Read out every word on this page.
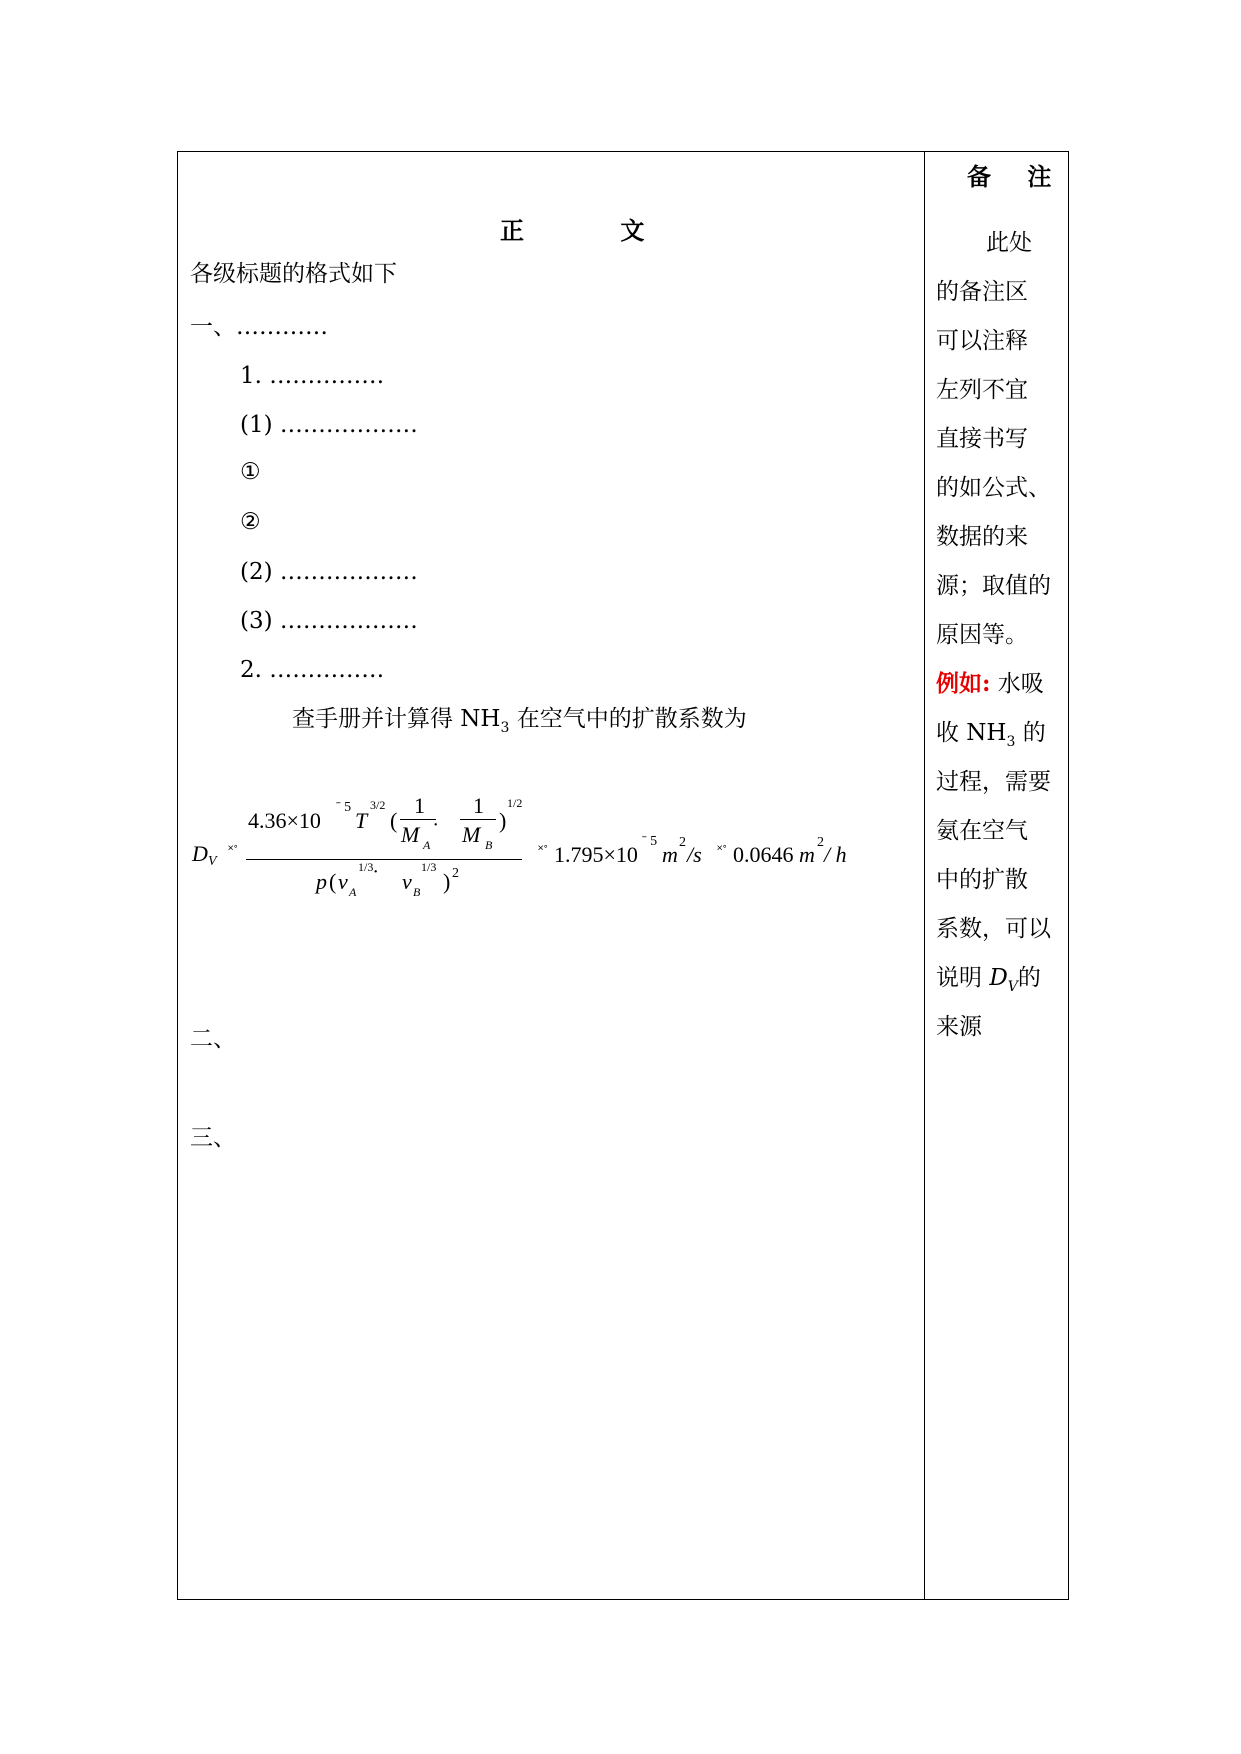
正 文
各级标题的格式如下
一、…………
1. ……………
(1) ………………
①
②
(2) ………………
(3) ………………
2. ……………
查手册并计算得 $NH_3$ 在空气中的扩散系数为
D V
˟˚
4.36×10
ˉ 5
T
3/2
(
1
M A
˙
1
M B
)
1/2
p ( v A
1/3
˙ v B
1/3
) 2
˟˚ 1.795×10
ˉ 5
m 2 /s ˟˚ 0.0646 m 2 / h
二、
三、
备 注
此处
的备注区
可以注释
左列不宜
直接书写
的如公式、
数据的来
源；取值的
原因等。
例如: 水吸
收 $NH_3$ 的
过程，需要
氨在空气
中的扩散
系数，可以
说明 $D_V$的
来源
